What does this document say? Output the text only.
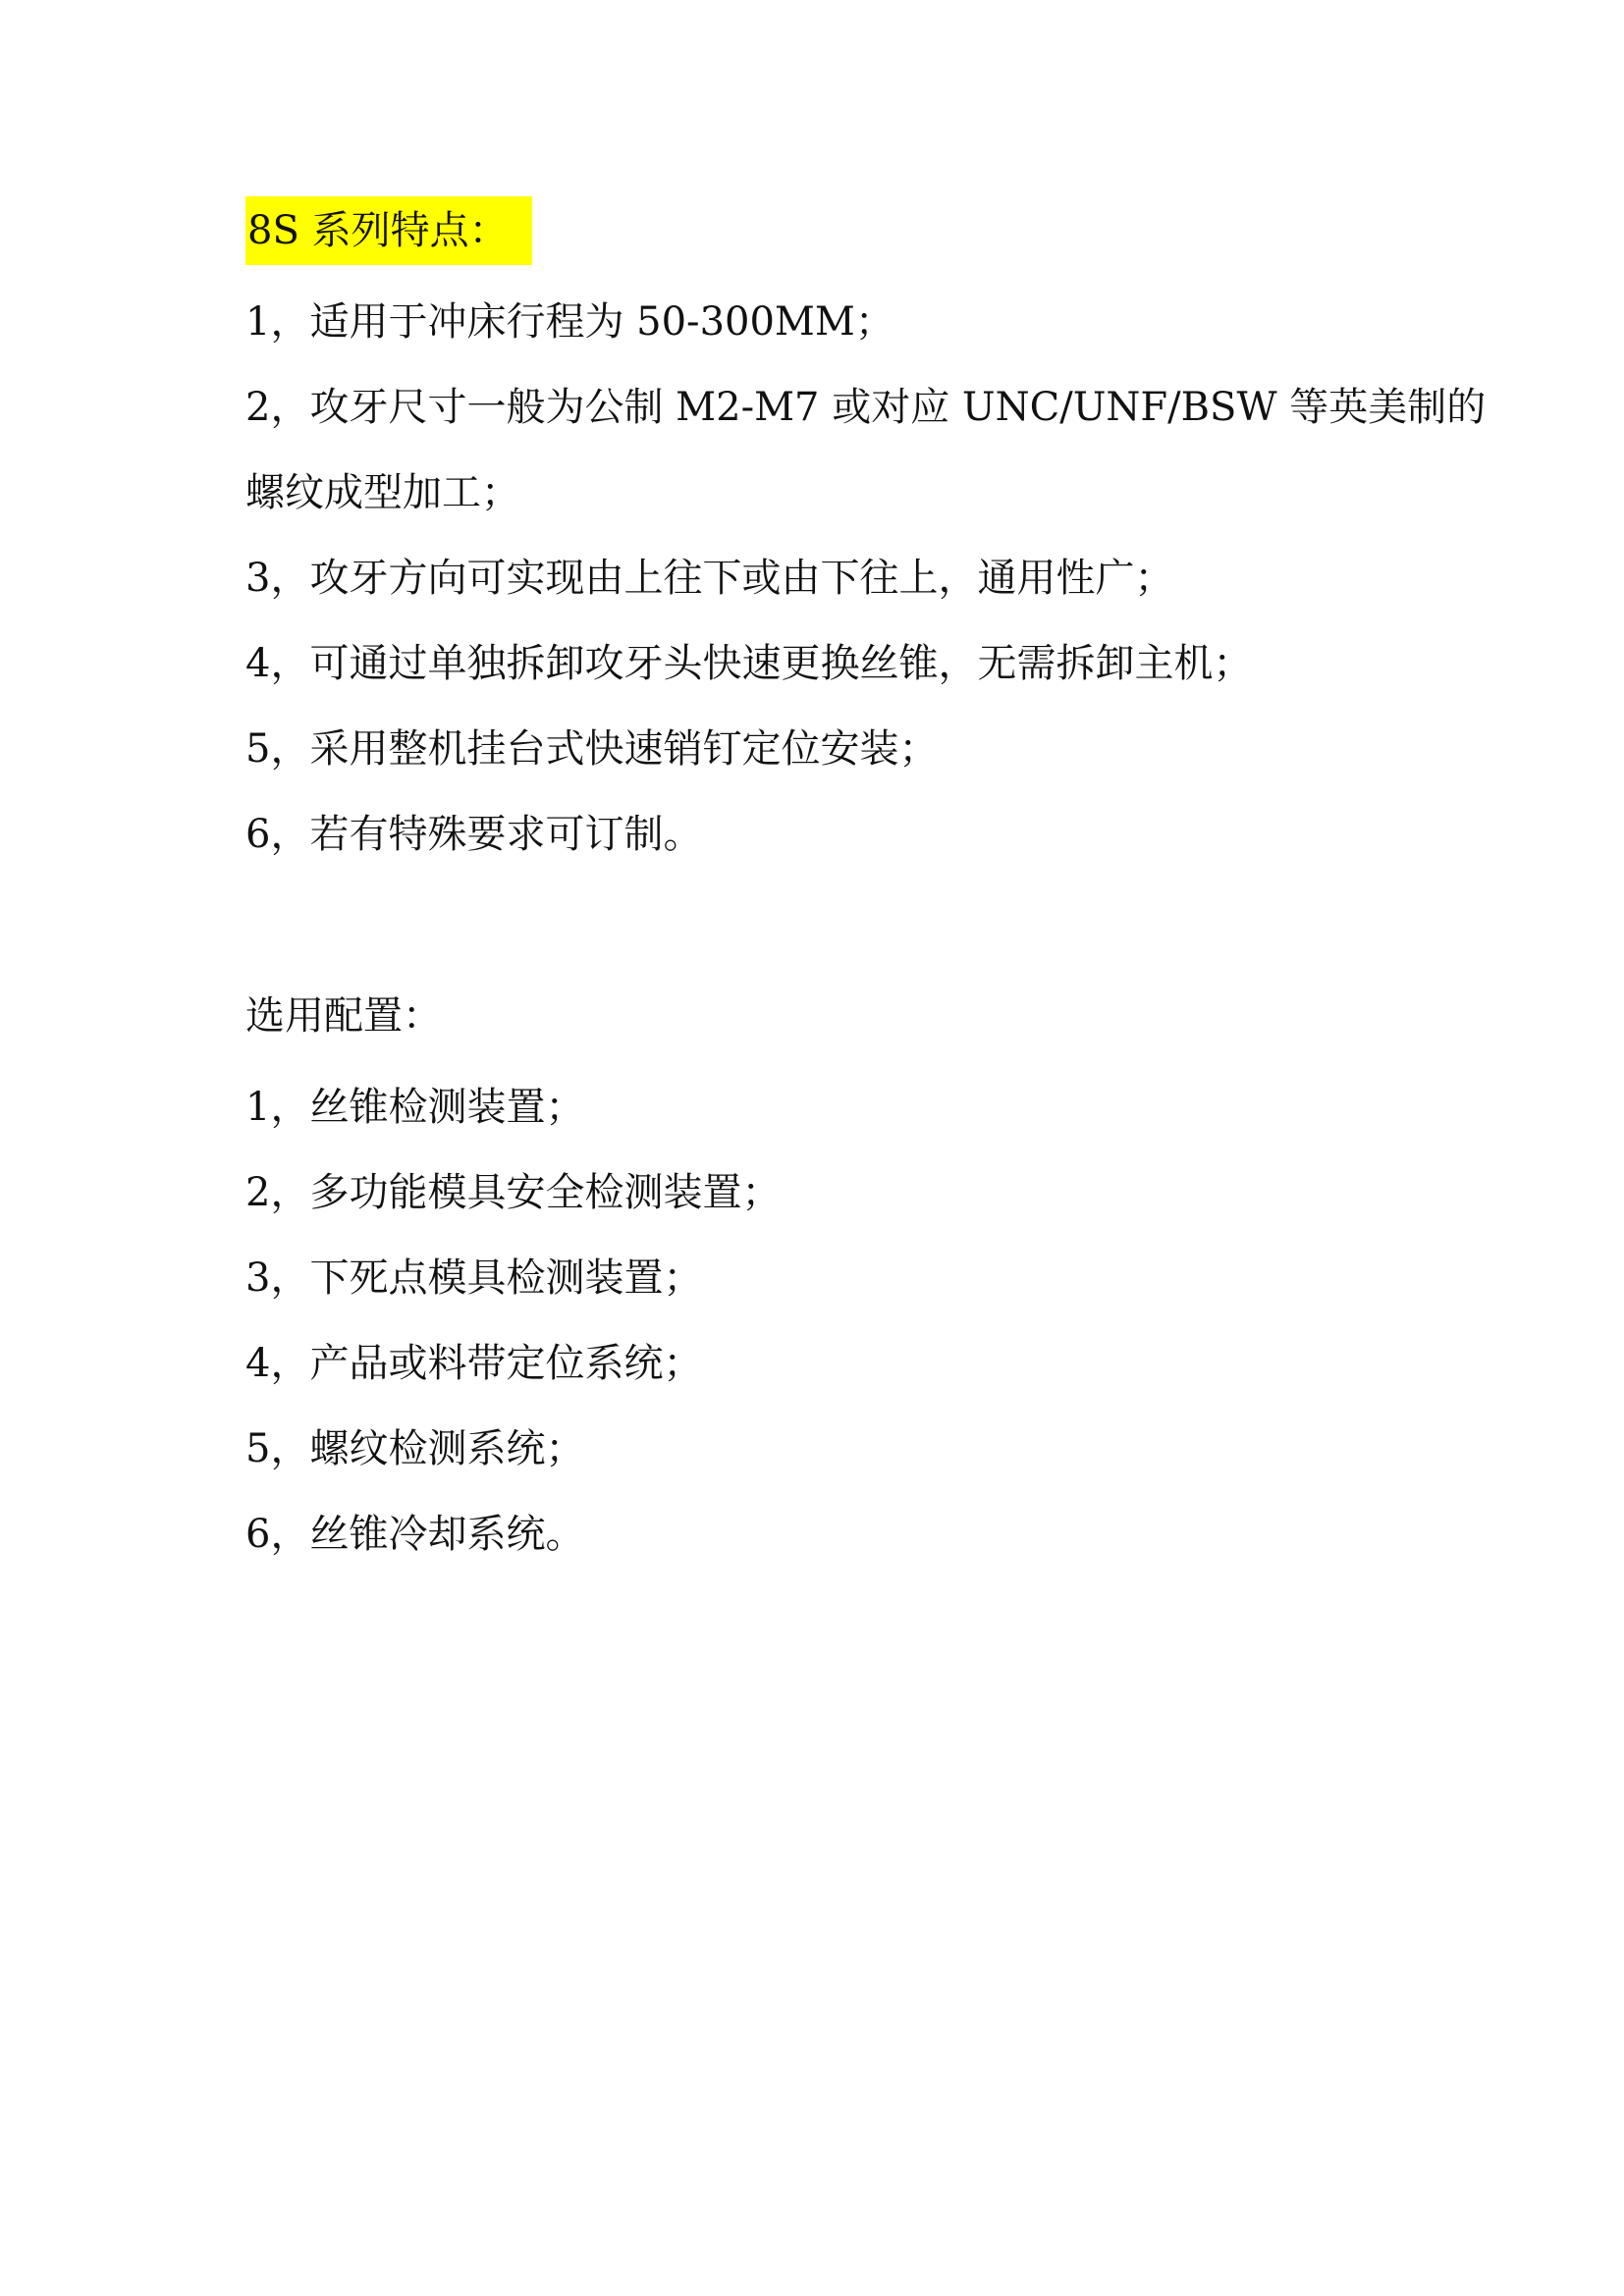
8S 系列特点：
1，适用于冲床行程为 50-300MM；
2，攻牙尺寸一般为公制 M2-M7 或对应 UNC/UNF/BSW 等英美制的
螺纹成型加工；
3，攻牙方向可实现由上往下或由下往上，通用性广；
4，可通过单独拆卸攻牙头快速更换丝锥，无需拆卸主机；
5，采用整机挂台式快速销钉定位安装；
6，若有特殊要求可订制。
选用配置：
1，丝锥检测装置；
2，多功能模具安全检测装置；
3，下死点模具检测装置；
4，产品或料带定位系统；
5，螺纹检测系统；
6，丝锥冷却系统。
